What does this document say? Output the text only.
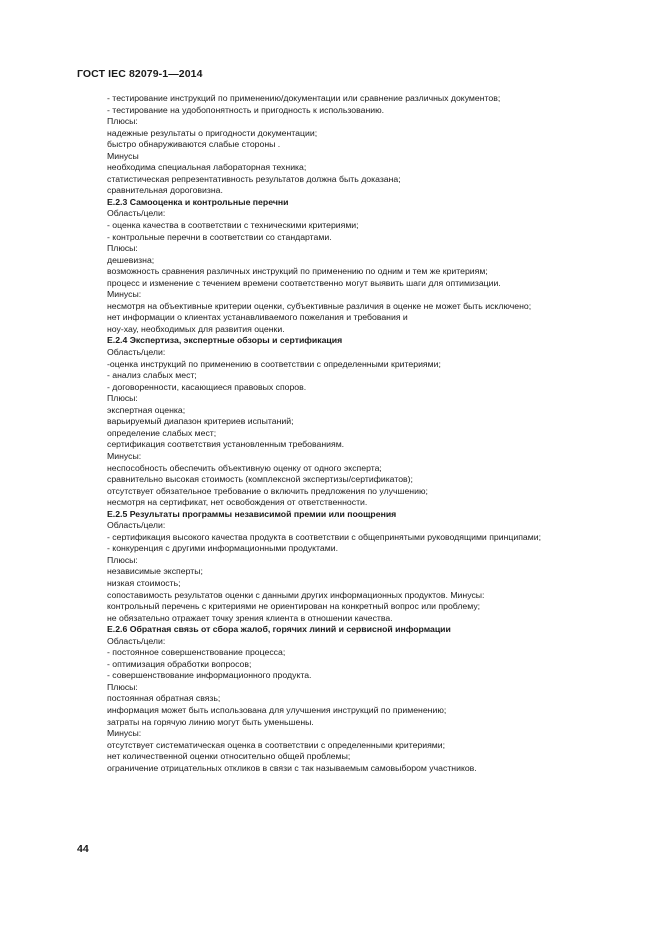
ГОСТ IEC 82079-1—2014
- тестирование инструкций по применению/документации или сравнение различных документов;
- тестирование на удобопонятность и пригодность к использованию.
Плюсы:
надежные результаты о пригодности документации;
быстро обнаруживаются слабые стороны .
Минусы
необходима специальная лабораторная техника;
статистическая репрезентативность результатов должна быть доказана;
сравнительная дороговизна.
Е.2.3 Самооценка и контрольные перечни
Область/цели:
- оценка качества в соответствии с техническими критериями;
- контрольные перечни в соответствии со стандартами.
Плюсы:
дешевизна;
возможность сравнения различных инструкций по применению по одним и тем же критериям;
процесс и изменение с течением времени соответственно могут выявить шаги для оптимизации.
Минусы:
несмотря на объективные критерии оценки, субъективные различия в оценке не может быть исключено;
нет информации о клиентах устанавливаемого пожелания и требования и
ноу-хау, необходимых для развития оценки.
Е.2.4 Экспертиза, экспертные обзоры и сертификация
Область/цели:
-оценка инструкций по применению в соответствии с определенными критериями;
- анализ слабых мест;
- договоренности, касающиеся правовых споров.
Плюсы:
экспертная оценка;
варьируемый диапазон критериев испытаний;
определение слабых мест;
сертификация соответствия установленным требованиям.
Минусы:
неспособность обеспечить объективную оценку от одного эксперта;
сравнительно высокая стоимость (комплексной экспертизы/сертификатов);
отсутствует обязательное требование о включить предложения по улучшению;
несмотря на сертификат, нет освобождения от ответственности.
Е.2.5 Результаты программы независимой премии или поощрения
Область/цели:
- сертификация высокого качества продукта в соответствии с общепринятыми руководящими принципами;
- конкуренция с другими информационными продуктами.
Плюсы:
независимые эксперты;
низкая стоимость;
сопоставимость результатов оценки с данными других информационных продуктов. Минусы:
контрольный перечень с критериями не ориентирован на конкретный вопрос или проблему;
не обязательно отражает точку зрения клиента в отношении качества.
Е.2.6 Обратная связь от сбора жалоб, горячих линий и сервисной информации
Область/цели:
- постоянное совершенствование процесса;
- оптимизация обработки вопросов;
- совершенствование информационного продукта.
Плюсы:
постоянная обратная связь;
информация может быть использована для улучшения инструкций по применению;
затраты на горячую линию могут быть уменьшены.
Минусы:
отсутствует систематическая оценка в соответствии с определенными критериями;
нет количественной оценки относительно общей проблемы;
ограничение отрицательных откликов в связи с так называемым самовыбором участников.
44
